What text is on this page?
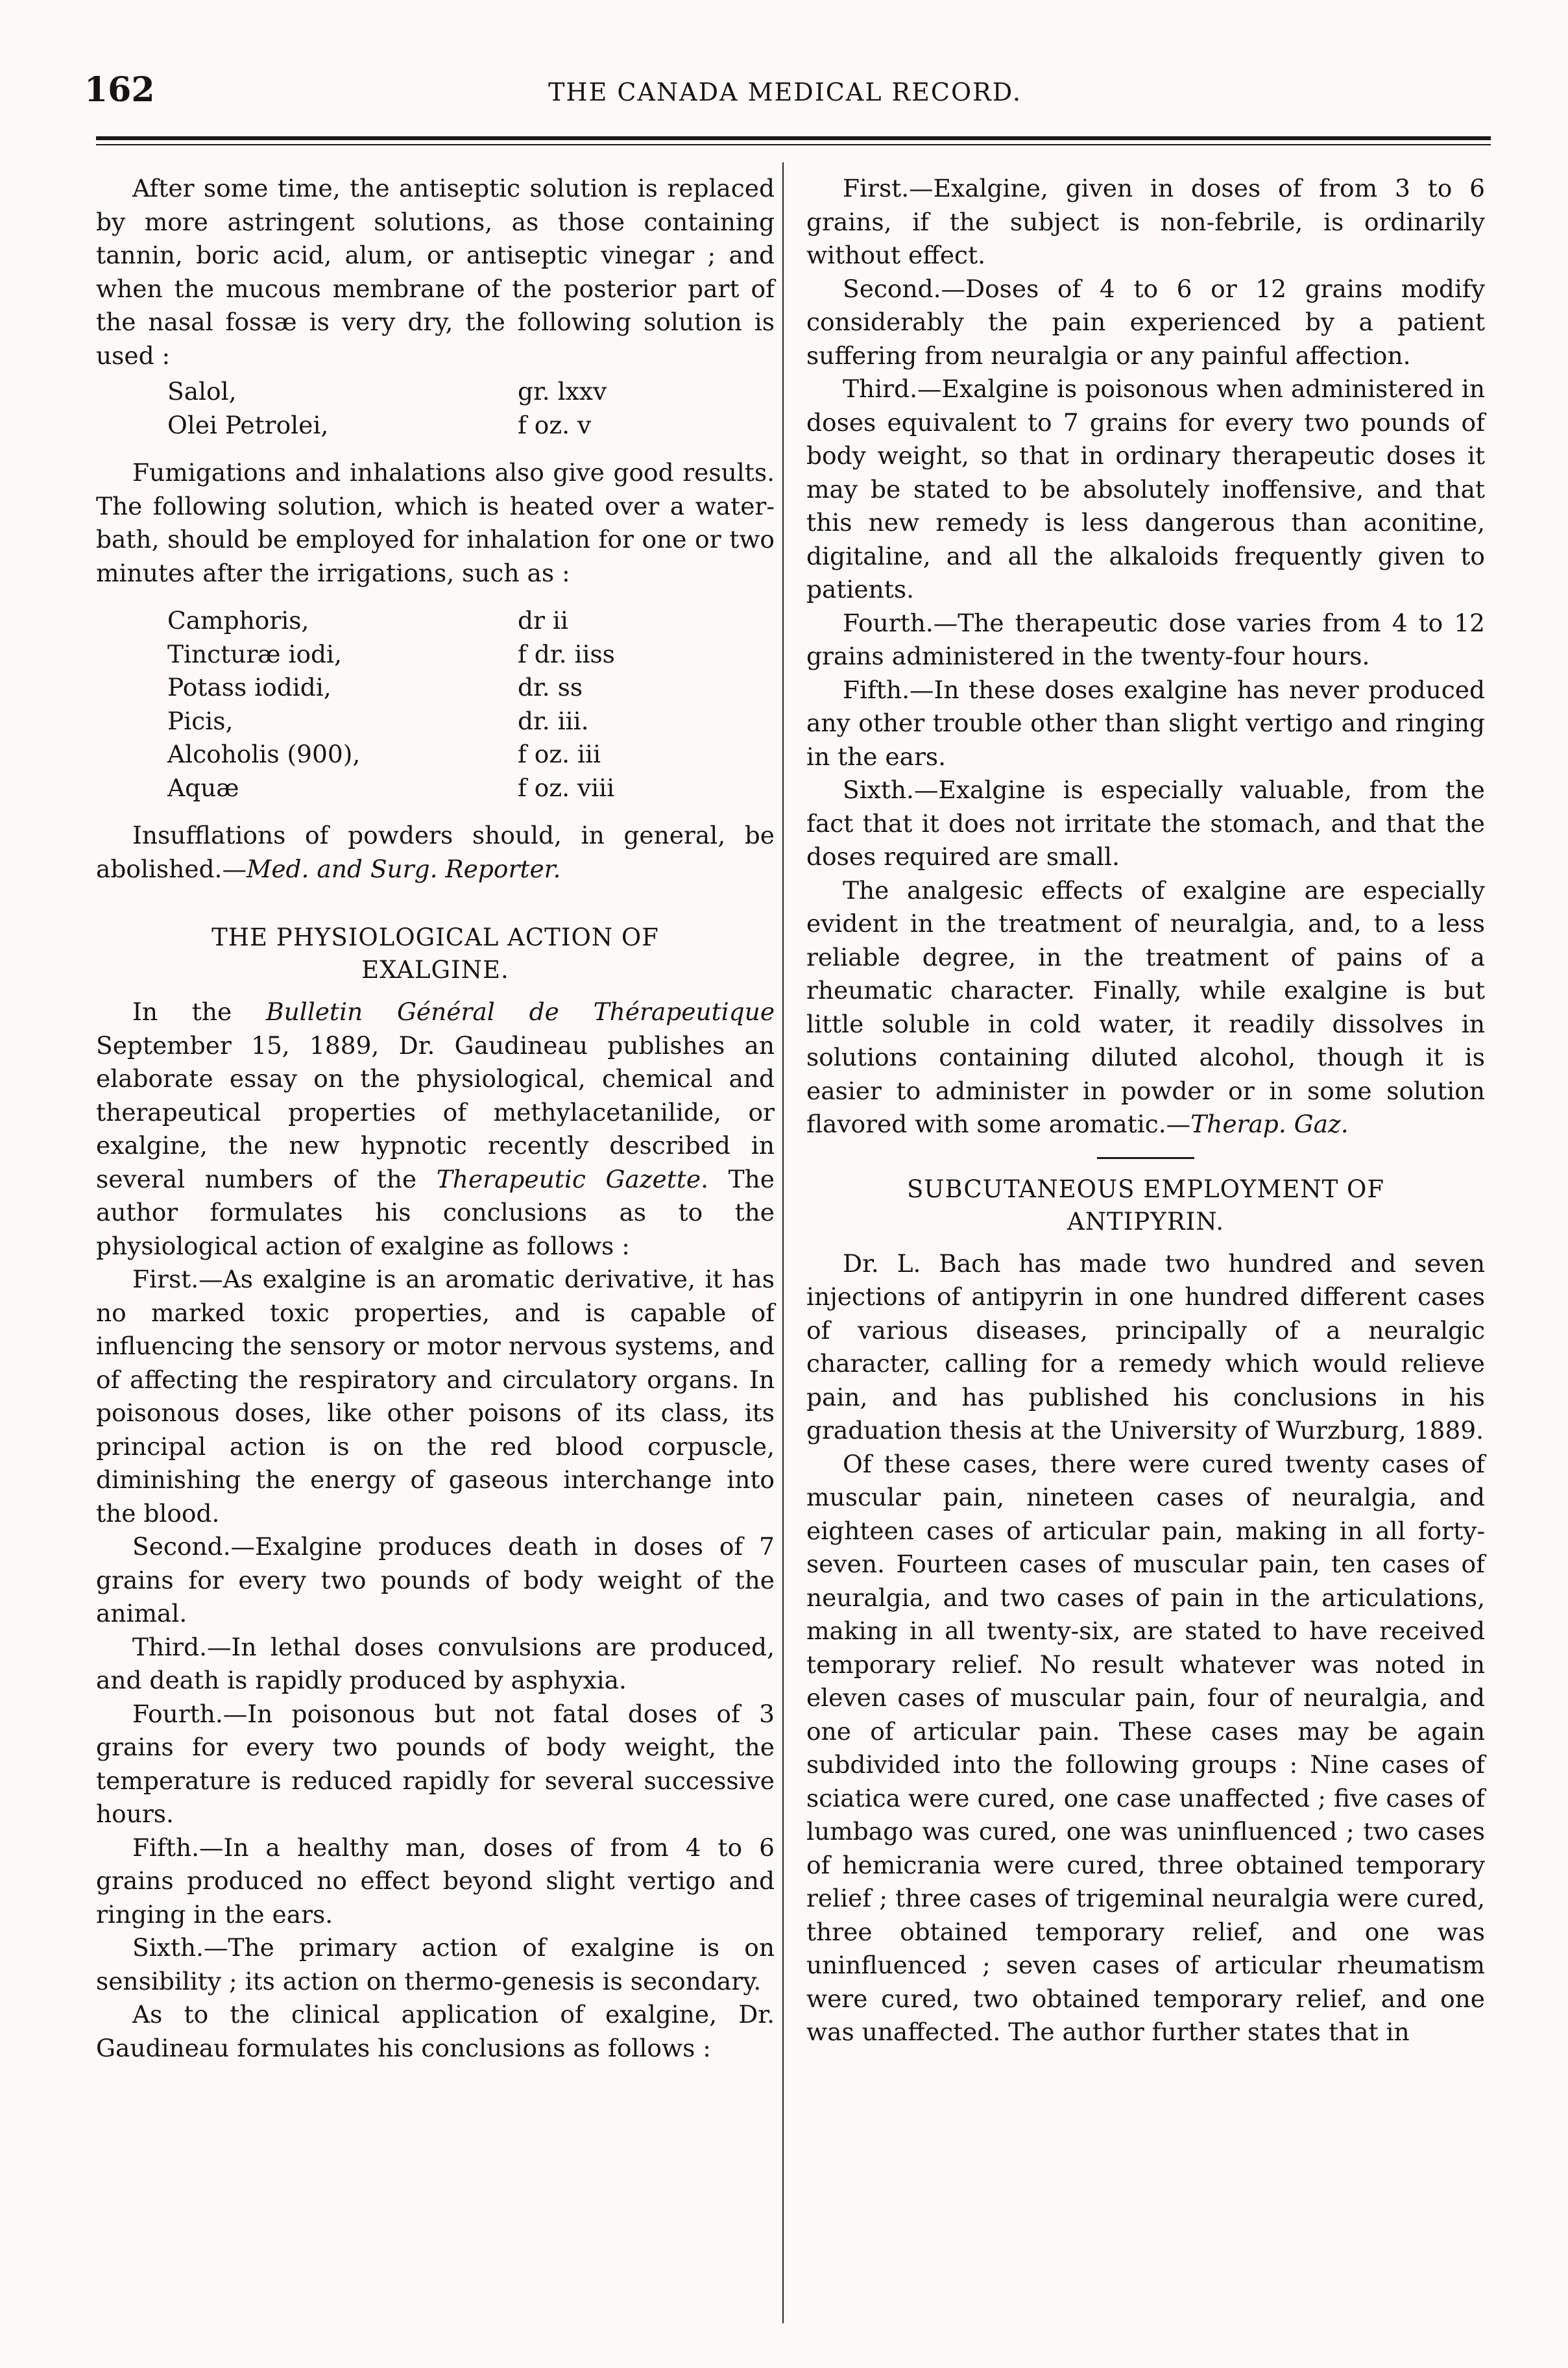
162	THE CANADA MEDICAL RECORD.

After some time, the antiseptic solution is replaced by more astringent solutions, as those containing tannin, boric acid, alum, or antiseptic vinegar ; and when the mucous membrane of the posterior part of the nasal fossæ is very dry, the following solution is used :

Salol,	gr. lxxv
Olei Petrolei,	f oz. v

Fumigations and inhalations also give good results. The following solution, which is heated over a water-bath, should be employed for inhalation for one or two minutes after the irrigations, such as :

Camphoris,	dr ii
Tincturæ iodi,	f dr. iiss
Potass iodidi,	dr. ss
Picis,	dr. iii.
Alcoholis (900),	f oz. iii
Aquæ	f oz. viii

Insufflations of powders should, in general, be abolished.—Med. and Surg. Reporter.

THE PHYSIOLOGICAL ACTION OF
EXALGINE.

In the Bulletin Général de Thérapeutique September 15, 1889, Dr. Gaudineau publishes an elaborate essay on the physiological, chemical and therapeutical properties of methylacetanilide, or exalgine, the new hypnotic recently described in several numbers of the Therapeutic Gazette. The author formulates his conclusions as to the physiological action of exalgine as follows :

First.—As exalgine is an aromatic derivative, it has no marked toxic properties, and is capable of influencing the sensory or motor nervous systems, and of affecting the respiratory and circulatory organs. In poisonous doses, like other poisons of its class, its principal action is on the red blood corpuscle, diminishing the energy of gaseous interchange into the blood.

Second.—Exalgine produces death in doses of 7 grains for every two pounds of body weight of the animal.

Third.—In lethal doses convulsions are produced, and death is rapidly produced by asphyxia.

Fourth.—In poisonous but not fatal doses of 3 grains for every two pounds of body weight, the temperature is reduced rapidly for several successive hours.

Fifth.—In a healthy man, doses of from 4 to 6 grains produced no effect beyond slight vertigo and ringing in the ears.

Sixth.—The primary action of exalgine is on sensibility ; its action on thermo-genesis is secondary.

As to the clinical application of exalgine, Dr. Gaudineau formulates his conclusions as follows :

First.—Exalgine, given in doses of from 3 to 6 grains, if the subject is non-febrile, is ordinarily without effect.

Second.—Doses of 4 to 6 or 12 grains modify considerably the pain experienced by a patient suffering from neuralgia or any painful affection.

Third.—Exalgine is poisonous when administered in doses equivalent to 7 grains for every two pounds of body weight, so that in ordinary therapeutic doses it may be stated to be absolutely inoffensive, and that this new remedy is less dangerous than aconitine, digitaline, and all the alkaloids frequently given to patients.

Fourth.—The therapeutic dose varies from 4 to 12 grains administered in the twenty-four hours.

Fifth.—In these doses exalgine has never produced any other trouble other than slight vertigo and ringing in the ears.

Sixth.—Exalgine is especially valuable, from the fact that it does not irritate the stomach, and that the doses required are small.

The analgesic effects of exalgine are especially evident in the treatment of neuralgia, and, to a less reliable degree, in the treatment of pains of a rheumatic character. Finally, while exalgine is but little soluble in cold water, it readily dissolves in solutions containing diluted alcohol, though it is easier to administer in powder or in some solution flavored with some aromatic.—Therap. Gaz.

SUBCUTANEOUS EMPLOYMENT OF
ANTIPYRIN.

Dr. L. Bach has made two hundred and seven injections of antipyrin in one hundred different cases of various diseases, principally of a neuralgic character, calling for a remedy which would relieve pain, and has published his conclusions in his graduation thesis at the University of Wurzburg, 1889.

Of these cases, there were cured twenty cases of muscular pain, nineteen cases of neuralgia, and eighteen cases of articular pain, making in all forty-seven. Fourteen cases of muscular pain, ten cases of neuralgia, and two cases of pain in the articulations, making in all twenty-six, are stated to have received temporary relief. No result whatever was noted in eleven cases of muscular pain, four of neuralgia, and one of articular pain. These cases may be again subdivided into the following groups : Nine cases of sciatica were cured, one case unaffected ; five cases of lumbago was cured, one was uninfluenced ; two cases of hemicrania were cured, three obtained temporary relief ; three cases of trigeminal neuralgia were cured, three obtained temporary relief, and one was uninfluenced ; seven cases of articular rheumatism were cured, two obtained temporary relief, and one was unaffected. The author further states that in
